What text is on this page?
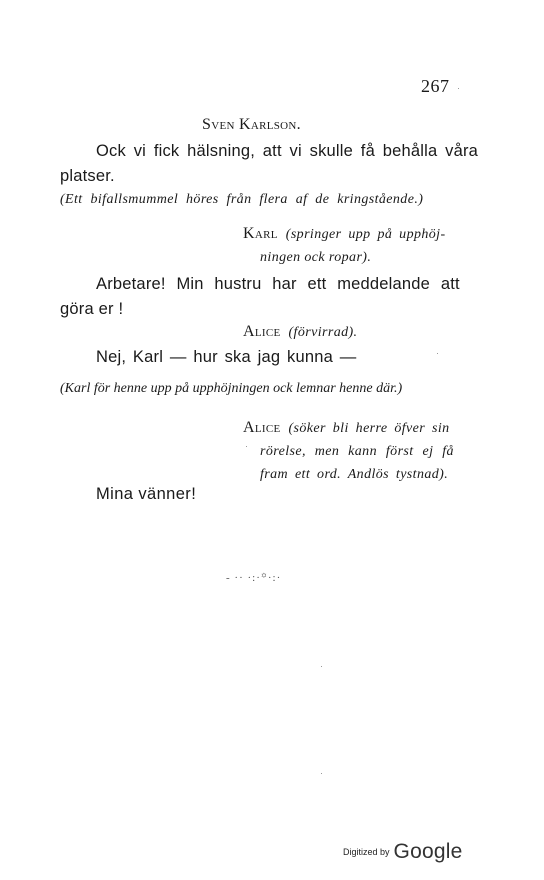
267
Sven Karlson.
Ock vi fick hälsning, att vi skulle få behålla våra
platser.
(Ett bifallsmummel höres från flera af de kringstående.)
Karl (springer upp på upphöj-
ningen ock ropar).
Arbetare! Min hustru har ett meddelande att
göra er !
Alice (förvirrad).
Nej, Karl — hur ska jag kunna —
(Karl för henne upp på upphöjningen ock lemnar henne där.)
Alice (söker bli herre öfver sin
rörelse, men kann först ej få
fram ett ord. Andlös tystnad).
Mina vänner!
- ·· ·:·꙳·:·
Digitized by Google
